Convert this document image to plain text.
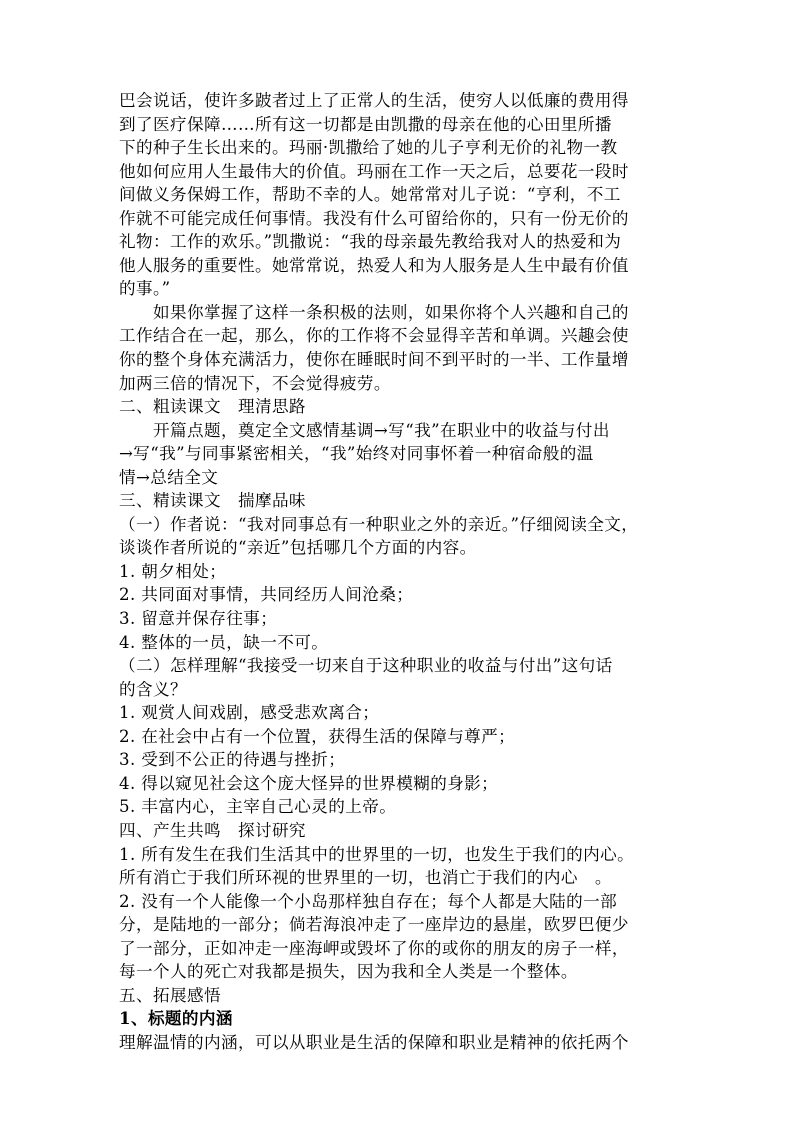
巴会说话，使许多跛者过上了正常人的生活，使穷人以低廉的费用得
到了医疗保障……所有这一切都是由凯撒的母亲在他的心田里所播
下的种子生长出来的。玛丽·凯撒给了她的儿子亨利无价的礼物一教
他如何应用人生最伟大的价值。玛丽在工作一天之后，总要花一段时
间做义务保姆工作，帮助不幸的人。她常常对儿子说：“亨利，不工
作就不可能完成任何事情。我没有什么可留给你的，只有一份无价的
礼物：工作的欢乐。”凯撒说：“我的母亲最先教给我对人的热爱和为
他人服务的重要性。她常常说，热爱人和为人服务是人生中最有价值
的事。”
如果你掌握了这样一条积极的法则，如果你将个人兴趣和自己的
工作结合在一起，那么，你的工作将不会显得辛苦和单调。兴趣会使
你的整个身体充满活力，使你在睡眠时间不到平时的一半、工作量增
加两三倍的情况下，不会觉得疲劳。
二、粗读课文　理清思路
开篇点题，奠定全文感情基调→写“我”在职业中的收益与付出
→写“我”与同事紧密相关，“我”始终对同事怀着一种宿命般的温
情→总结全文
三、精读课文　揣摩品味
（一）作者说：“我对同事总有一种职业之外的亲近。”仔细阅读全文，
谈谈作者所说的“亲近”包括哪几个方面的内容。
1. 朝夕相处；
2. 共同面对事情，共同经历人间沧桑；
3. 留意并保存往事；
4. 整体的一员，缺一不可。
（二）怎样理解“我接受一切来自于这种职业的收益与付出”这句话
的含义？
1. 观赏人间戏剧，感受悲欢离合；
2. 在社会中占有一个位置，获得生活的保障与尊严；
3. 受到不公正的待遇与挫折；
4. 得以窥见社会这个庞大怪异的世界模糊的身影；
5. 丰富内心，主宰自己心灵的上帝。
四、产生共鸣　探讨研究
1. 所有发生在我们生活其中的世界里的一切，也发生于我们的内心。
所有消亡于我们所环视的世界里的一切，也消亡于我们的内心　。
2. 没有一个人能像一个小岛那样独自存在；每个人都是大陆的一部
分，是陆地的一部分；倘若海浪冲走了一座岸边的悬崖，欧罗巴便少
了一部分，正如冲走一座海岬或毁坏了你的或你的朋友的房子一样，
每一个人的死亡对我都是损失，因为我和全人类是一个整体。
五、拓展感悟
1、标题的内涵
理解温情的内涵，可以从职业是生活的保障和职业是精神的依托两个
